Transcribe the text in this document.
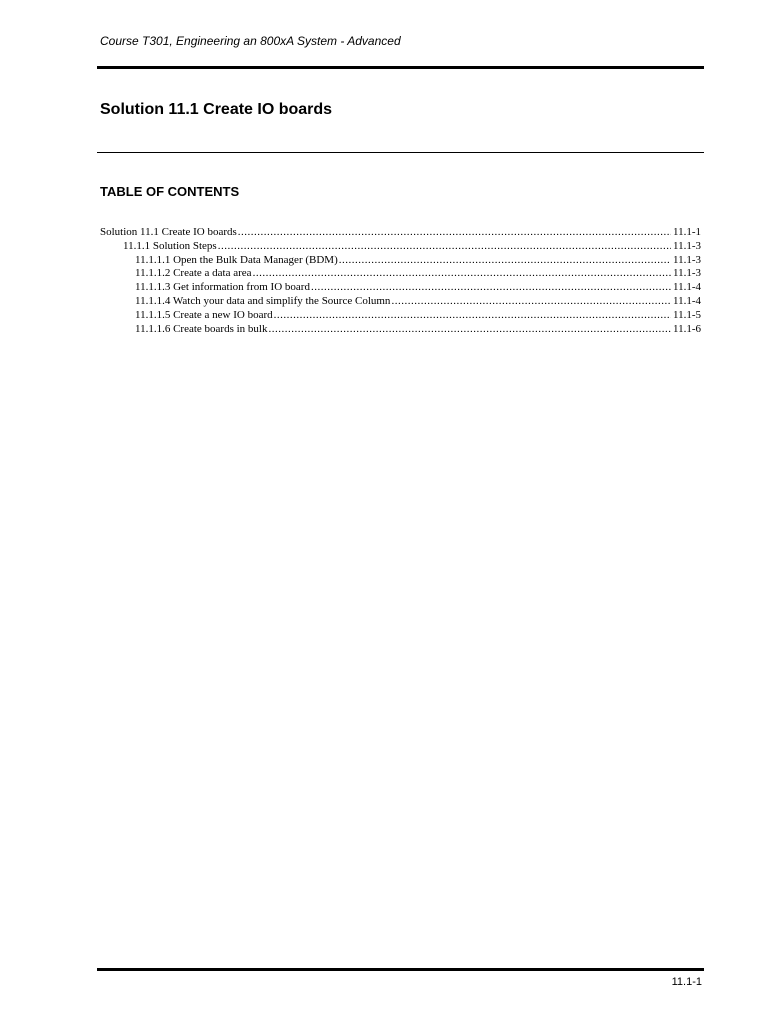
Course T301, Engineering an 800xA System - Advanced
Solution 11.1 Create IO boards
TABLE OF CONTENTS
Solution 11.1 Create IO boards .....	11.1-1
11.1.1 Solution Steps .....	11.1-3
11.1.1.1 Open the Bulk Data Manager (BDM) .....	11.1-3
11.1.1.2 Create a data area .....	11.1-3
11.1.1.3 Get information from IO board .....	11.1-4
11.1.1.4 Watch your data and simplify the Source Column .....	11.1-4
11.1.1.5 Create a new IO board .....	11.1-5
11.1.1.6 Create boards in bulk .....	11.1-6
11.1-1
